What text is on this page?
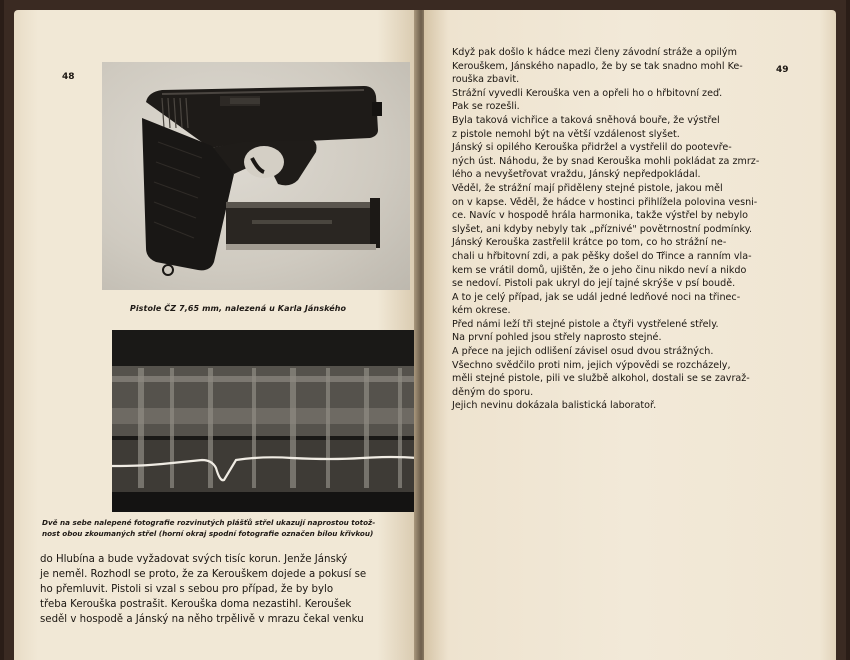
48
Pistole ČZ 7,65 mm, nalezená u Karla Jánského
Dvě na sebe nalepené fotografie rozvinutých plášťů střel ukazují naprostou totož-
nost obou zkoumaných střel (horní okraj spodní fotografie označen bílou křivkou)
do Hlubína a bude vyžadovat svých tisíc korun. Jenže Jánský
je neměl. Rozhodl se proto, že za Kerouškem dojede a pokusí se
ho přemluvit. Pistoli si vzal s sebou pro případ, že by bylo
třeba Kerouška postrašit. Kerouška doma nezastihl. Keroušek
seděl v hospodě a Jánský na něho trpělivě v mrazu čekal venku
49
Když pak došlo k hádce mezi členy závodní stráže a opilým
Kerouškem, Jánského napadlo, že by se tak snadno mohl Ke-
rouška zbavit.
Strážní vyvedli Kerouška ven a opřeli ho o hřbitovní zeď.
Pak se rozešli.
Byla taková vichřice a taková sněhová bouře, že výstřel
z pistole nemohl být na větší vzdálenost slyšet.
Jánský si opilého Kerouška přidržel a vystřelil do pootevře-
ných úst. Náhodu, že by snad Kerouška mohli pokládat za zmrz-
lého a nevyšetřovat vraždu, Jánský nepředpokládal.
Věděl, že strážní mají přiděleny stejné pistole, jakou měl
on v kapse. Věděl, že hádce v hostinci přihlížela polovina vesni-
ce. Navíc v hospodě hrála harmonika, takže výstřel by nebylo
slyšet, ani kdyby nebyly tak „příznivé" povětrnostní podmínky.
Jánský Kerouška zastřelil krátce po tom, co ho strážní ne-
chali u hřbitovní zdi, a pak pěšky došel do Třince a ranním vla-
kem se vrátil domů, ujištěn, že o jeho činu nikdo neví a nikdo
se nedoví. Pistoli pak ukryl do její tajné skrýše v psí boudě.
A to je celý případ, jak se udál jedné ledňové noci na třinec-
kém okrese.
Před námi leží tři stejné pistole a čtyři vystřelené střely.
Na první pohled jsou střely naprosto stejné.
A přece na jejich odlišení závisel osud dvou strážných.
Všechno svědčilo proti nim, jejich výpovědi se rozcházely,
měli stejné pistole, pili ve službě alkohol, dostali se se zavraž-
děným do sporu.
Jejich nevinu dokázala balistická laboratoř.
